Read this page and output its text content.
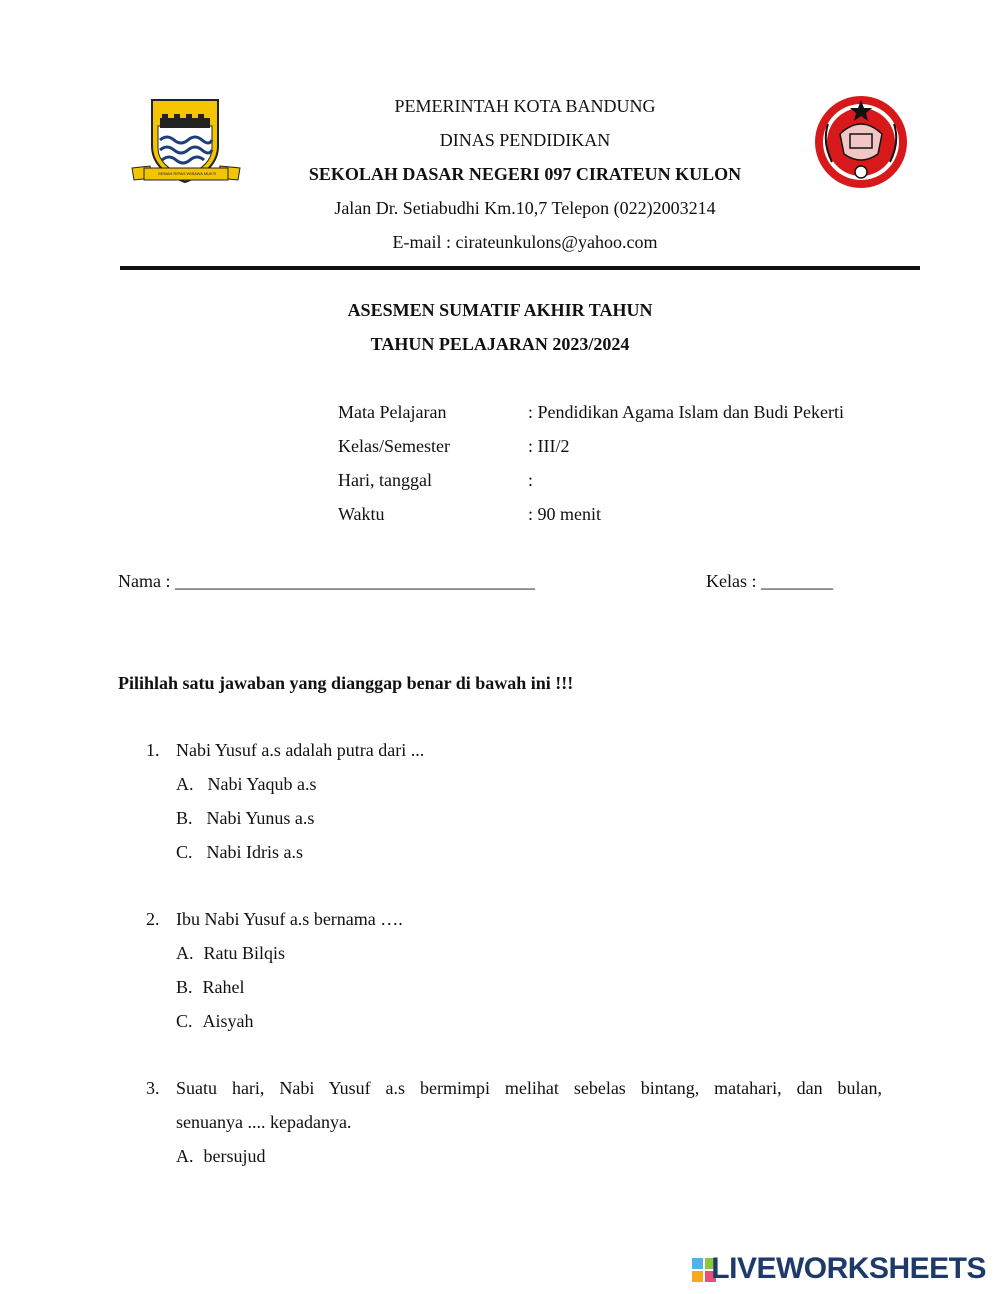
GEMAH RIPAH WIBAWA MUKTI
PEMERINTAH KOTA BANDUNG
DINAS PENDIDIKAN
SEKOLAH DASAR NEGERI 097 CIRATEUN KULON
Jalan Dr. Setiabudhi Km.10,7 Telepon (022)2003214
E-mail : cirateunkulons@yahoo.com
ASESMEN SUMATIF AKHIR TAHUN
TAHUN PELAJARAN 2023/2024
Mata Pelajaran	: Pendidikan Agama Islam dan Budi Pekerti
Kelas/Semester	: III/2
Hari, tanggal	:
Waktu	: 90 menit
Nama : ________________________________________	Kelas : ________
Pilihlah satu jawaban yang dianggap benar di bawah ini !!!
1. Nabi Yusuf a.s adalah putra dari ...
A. Nabi Yaqub a.s
B. Nabi Yunus a.s
C. Nabi Idris a.s
2. Ibu Nabi Yusuf a.s bernama ….
A. Ratu Bilqis
B. Rahel
C. Aisyah
3. Suatu hari, Nabi Yusuf a.s bermimpi melihat sebelas bintang, matahari, dan bulan,
senuanya .... kepadanya.
A. bersujud
LIVEWORKSHEETS
